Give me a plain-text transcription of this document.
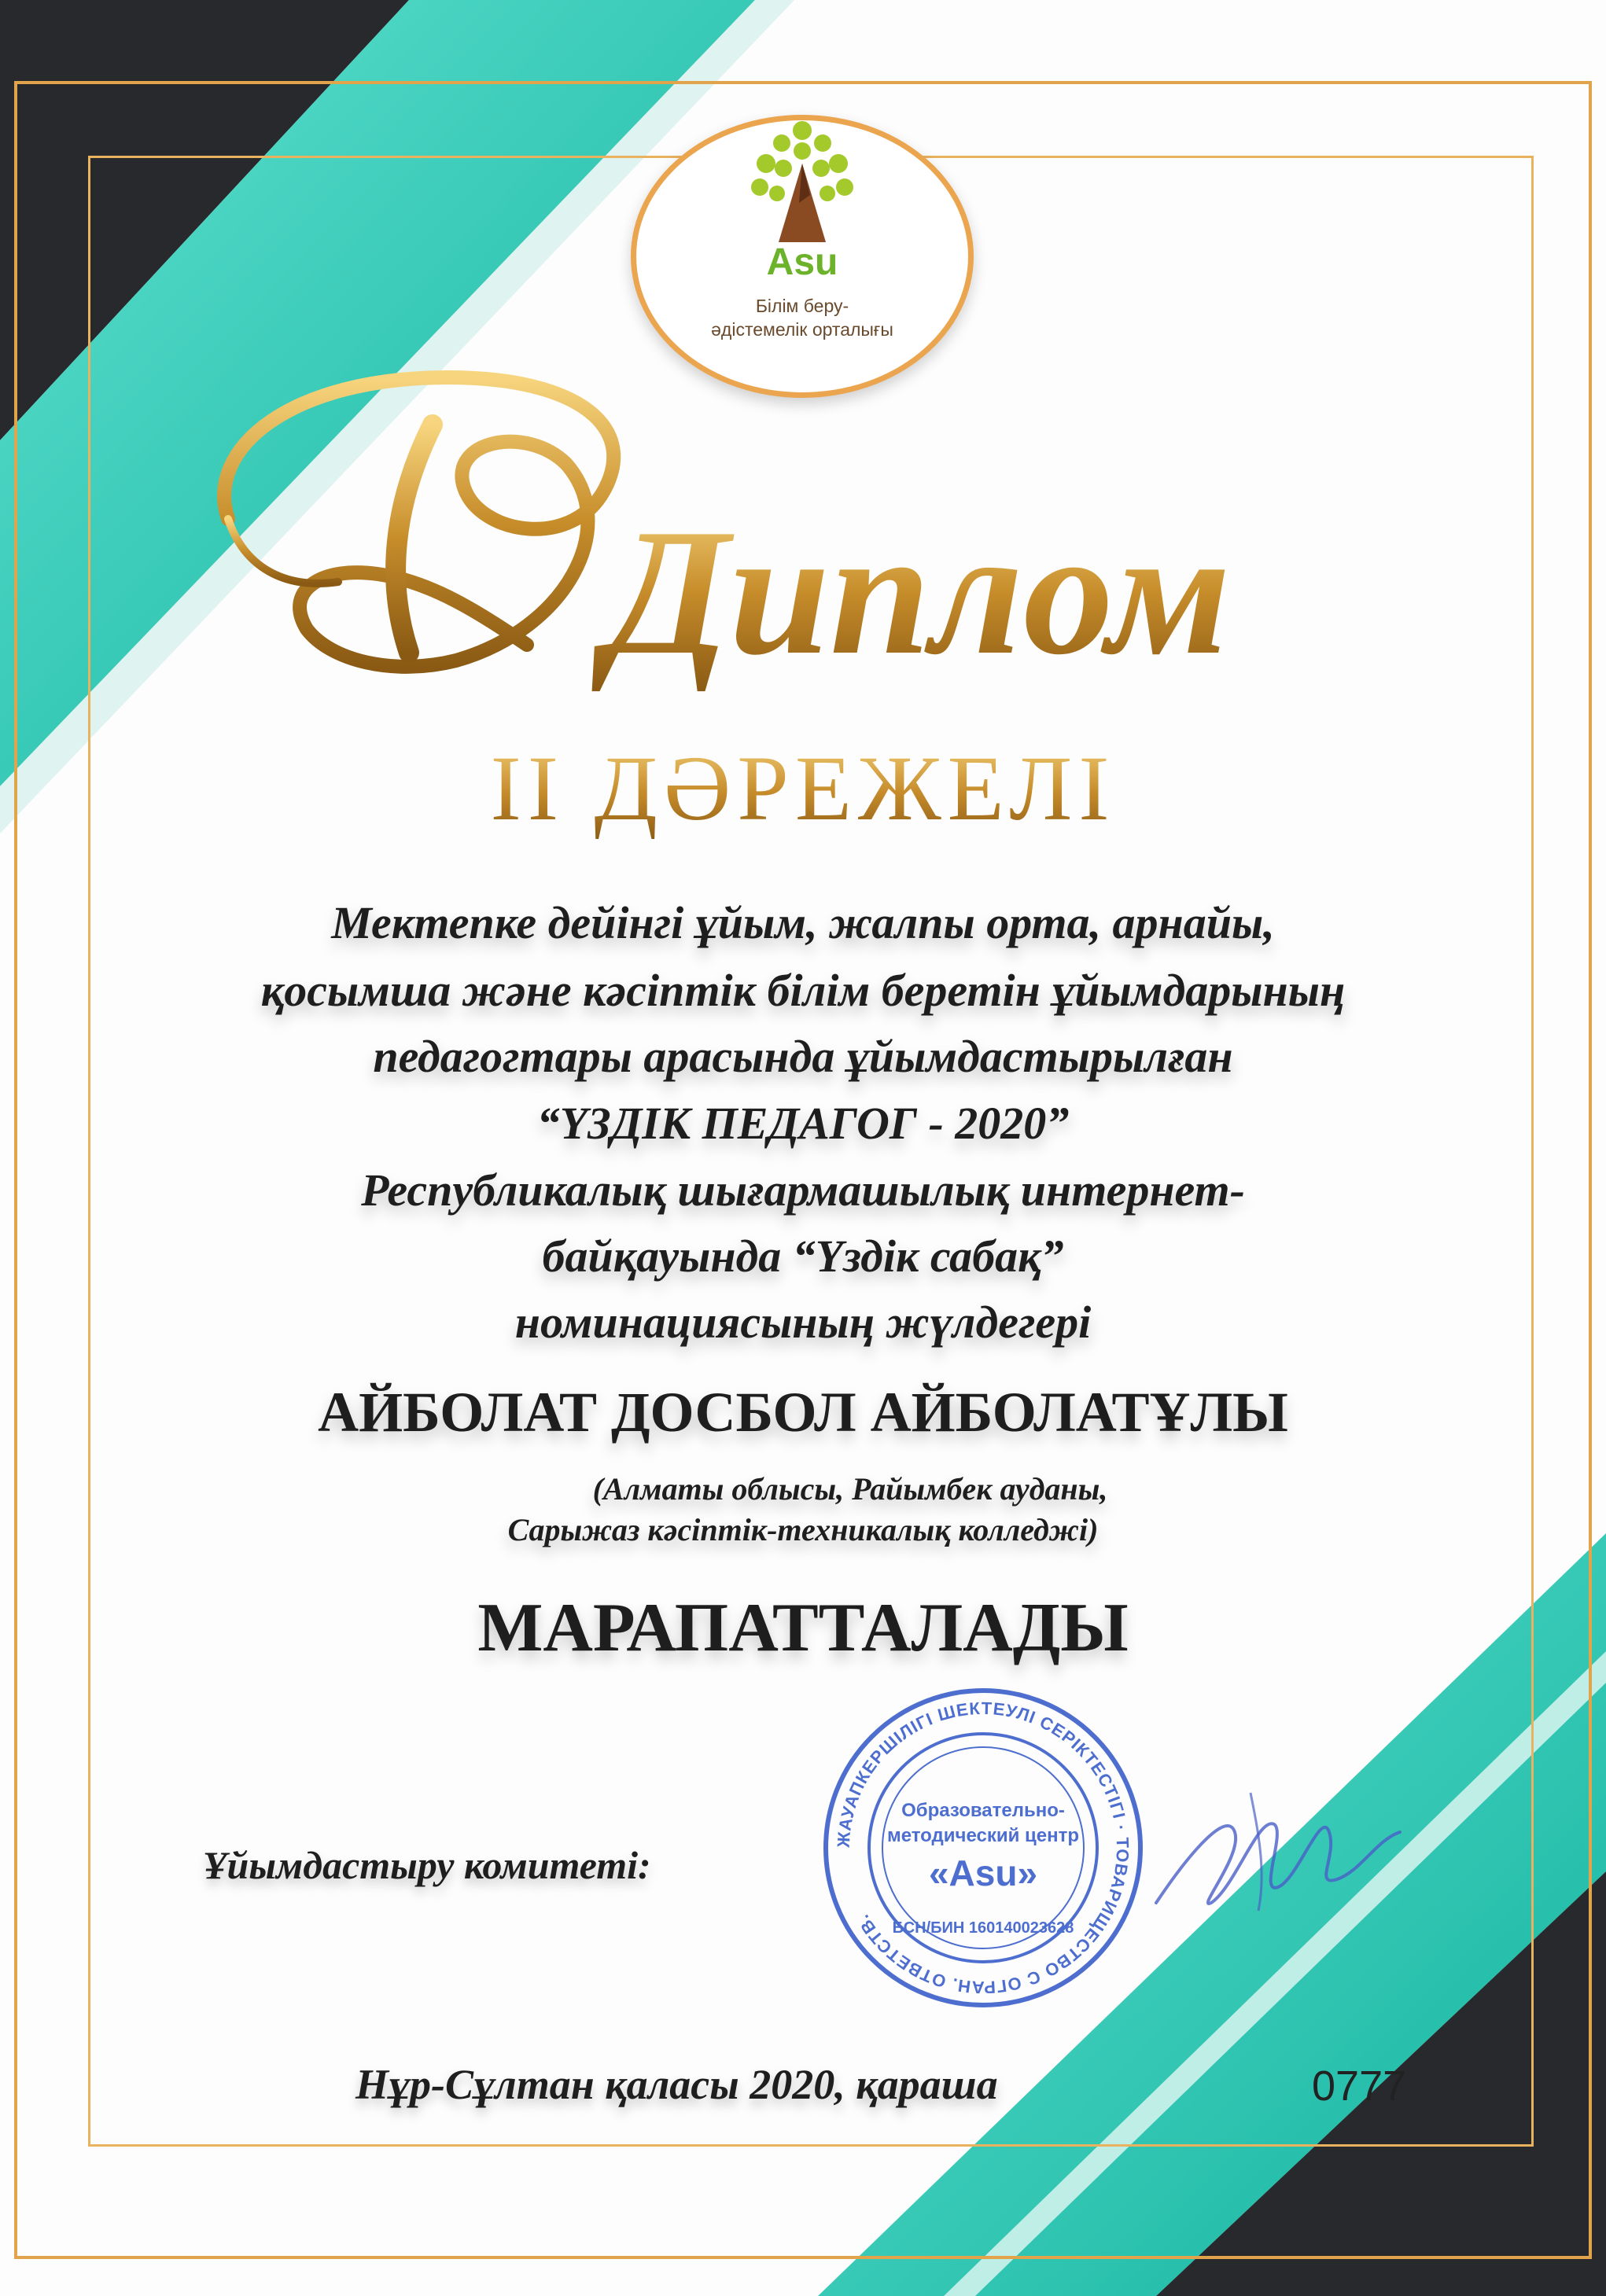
Asu
Білім беру-
әдістемелік орталығы
Диплом
II ДӘРЕЖЕЛІ
Мектепке дейінгі ұйым, жалпы орта, арнайы,
қосымша және кәсіптік білім беретін ұйымдарының
педагогтары арасында ұйымдастырылған
“ҮЗДІК ПЕДАГОГ - 2020”
Республикалық шығармашылық интернет-
байқауында “Үздік сабақ”
номинациясының жүлдегері
АЙБОЛАТ ДОСБОЛ АЙБОЛАТҰЛЫ
(Алматы облысы, Райымбек ауданы,
Сарыжаз кәсіптік-техникалық колледжі)
МАРАПАТТАЛАДЫ
Ұйымдастыру комитеті:
ЖАУАПКЕРШІЛІГІ ШЕКТЕУЛІ СЕРІКТЕСТІГІ · ТОВАРИЩЕСТВО С ОГРАН. ОТВЕТСТВ.
Образовательно-
методический центр
«Asu»
БСН/БИН 160140023628
Нұр-Сұлтан қаласы 2020, қараша	0777
